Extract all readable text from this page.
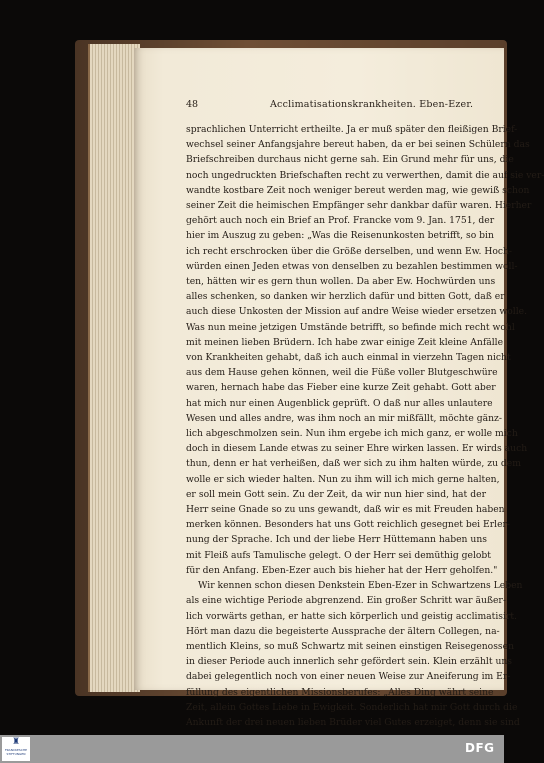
48	Acclimatisationskrankheiten. Eben-Ezer.
sprachlichen Unterricht ertheilte. Ja er muß später den fleißigen Brief-
wechsel seiner Anfangsjahre bereut haben, da er bei seinen Schülern das
Briefschreiben durchaus nicht gerne sah. Ein Grund mehr für uns, die
noch ungedruckten Briefschaften recht zu verwerthen, damit die auf sie ver-
wandte kostbare Zeit noch weniger bereut werden mag, wie gewiß schon
seiner Zeit die heimischen Empfänger sehr dankbar dafür waren. Hierher
gehört auch noch ein Brief an Prof. Francke vom 9. Jan. 1751, der
hier im Auszug zu geben: „Was die Reisenunkosten betrifft, so bin
ich recht erschrocken über die Größe derselben, und wenn Ew. Hoch-
würden einen Jeden etwas von denselben zu bezahlen bestimmen woll-
ten, hätten wir es gern thun wollen. Da aber Ew. Hochwürden uns
alles schenken, so danken wir herzlich dafür und bitten Gott, daß er
auch diese Unkosten der Mission auf andre Weise wieder ersetzen wolle.
Was nun meine jetzigen Umstände betrifft, so befinde mich recht wohl
mit meinen lieben Brüdern. Ich habe zwar einige Zeit kleine Anfälle
von Krankheiten gehabt, daß ich auch einmal in vierzehn Tagen nicht
aus dem Hause gehen können, weil die Füße voller Blutgeschwüre
waren, hernach habe das Fieber eine kurze Zeit gehabt. Gott aber
hat mich nur einen Augenblick geprüft. O daß nur alles unlautere
Wesen und alles andre, was ihm noch an mir mißfällt, möchte gänz-
lich abgeschmolzen sein. Nun ihm ergebe ich mich ganz, er wolle mich
doch in diesem Lande etwas zu seiner Ehre wirken lassen. Er wirds auch
thun, denn er hat verheißen, daß wer sich zu ihm halten würde, zu dem
wolle er sich wieder halten. Nun zu ihm will ich mich gerne halten,
er soll mein Gott sein. Zu der Zeit, da wir nun hier sind, hat der
Herr seine Gnade so zu uns gewandt, daß wir es mit Freuden haben
merken können. Besonders hat uns Gott reichlich gesegnet bei Erler-
nung der Sprache. Ich und der liebe Herr Hüttemann haben uns
mit Fleiß aufs Tamulische gelegt. O der Herr sei demüthig gelobt
für den Anfang. Eben-Ezer auch bis hieher hat der Herr geholfen."
Wir kennen schon diesen Denkstein Eben-Ezer in Schwartzens Leben
als eine wichtige Periode abgrenzend. Ein großer Schritt war äußer-
lich vorwärts gethan, er hatte sich körperlich und geistig acclimatisirt.
Hört man dazu die begeisterte Aussprache der ältern Collegen, na-
mentlich Kleins, so muß Schwartz mit seinen einstigen Reisegenossen
in dieser Periode auch innerlich sehr gefördert sein. Klein erzählt uns
dabei gelegentlich noch von einer neuen Weise zur Aneiferung im Er-
füllung des eigentlichen Missionsberufes: „Alles Ding währt seine
Zeit, allein Gottes Liebe in Ewigkeit. Sonderlich hat mir Gott durch die
Ankunft der drei neuen lieben Brüder viel Gutes erzeiget, denn sie sind
♜
FRANCKESCHE STIFTUNGEN	DFG
